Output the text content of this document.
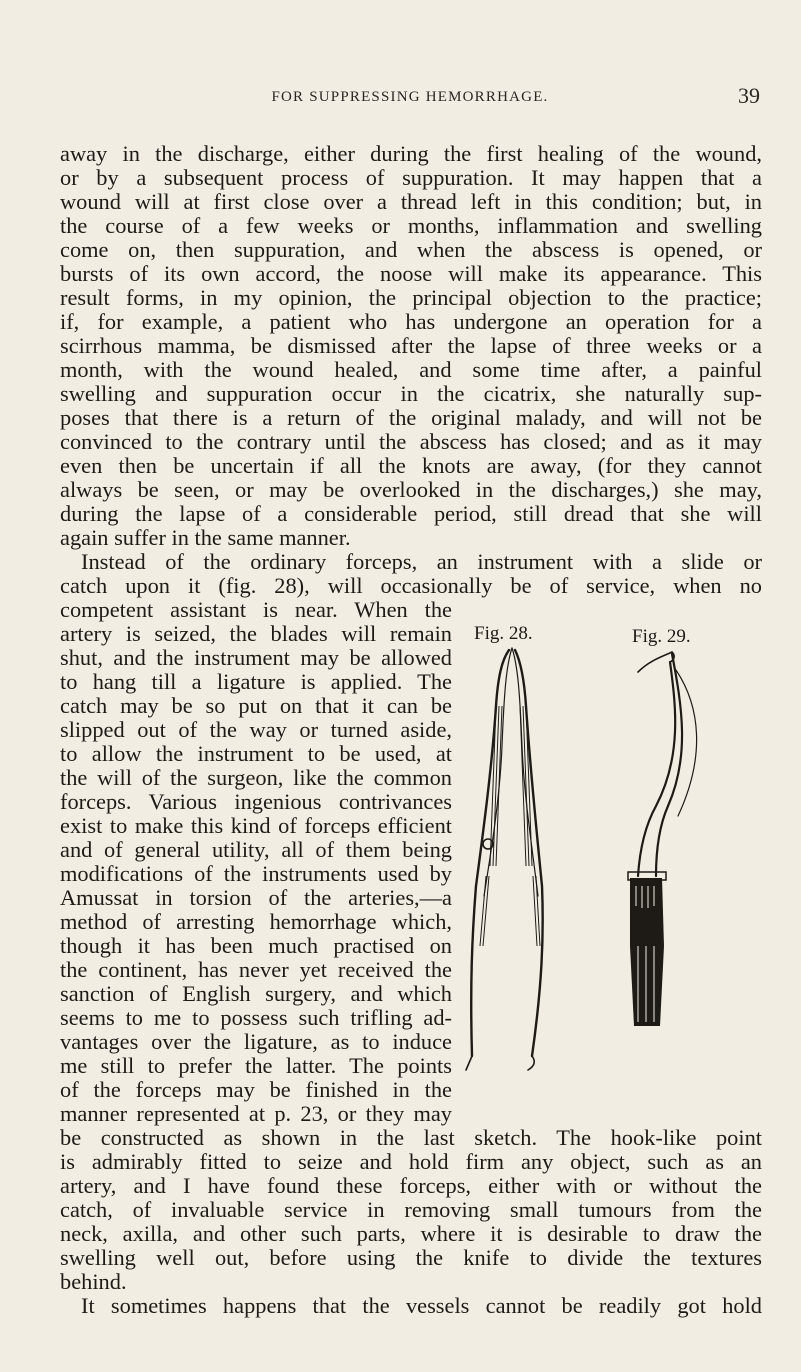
FOR SUPPRESSING HEMORRHAGE.	39
away in the discharge, either during the first healing of the wound,
or by a subsequent process of suppuration. It may happen that a
wound will at first close over a thread left in this condition; but, in
the course of a few weeks or months, inflammation and swelling
come on, then suppuration, and when the abscess is opened, or
bursts of its own accord, the noose will make its appearance. This
result forms, in my opinion, the principal objection to the practice;
if, for example, a patient who has undergone an operation for a
scirrhous mamma, be dismissed after the lapse of three weeks or a
month, with the wound healed, and some time after, a painful
swelling and suppuration occur in the cicatrix, she naturally sup-
poses that there is a return of the original malady, and will not be
convinced to the contrary until the abscess has closed; and as it may
even then be uncertain if all the knots are away, (for they cannot
always be seen, or may be overlooked in the discharges,) she may,
during the lapse of a considerable period, still dread that she will
again suffer in the same manner.
Instead of the ordinary forceps, an instrument with a slide or
catch upon it (fig. 28), will occasionally be of service, when no
competent assistant is near. When the
artery is seized, the blades will remain
shut, and the instrument may be allowed
to hang till a ligature is applied. The
catch may be so put on that it can be
slipped out of the way or turned aside,
to allow the instrument to be used, at
the will of the surgeon, like the common
forceps. Various ingenious contrivances
exist to make this kind of forceps efficient
and of general utility, all of them being
modifications of the instruments used by
Amussat in torsion of the arteries,—a
method of arresting hemorrhage which,
though it has been much practised on
the continent, has never yet received the
sanction of English surgery, and which
seems to me to possess such trifling ad-
vantages over the ligature, as to induce
me still to prefer the latter. The points
of the forceps may be finished in the
manner represented at p. 23, or they may
be constructed as shown in the last sketch. The hook-like point
is admirably fitted to seize and hold firm any object, such as an
artery, and I have found these forceps, either with or without the
catch, of invaluable service in removing small tumours from the
neck, axilla, and other such parts, where it is desirable to draw the
swelling well out, before using the knife to divide the textures
behind.
It sometimes happens that the vessels cannot be readily got hold
Fig. 28.	Fig. 29.
